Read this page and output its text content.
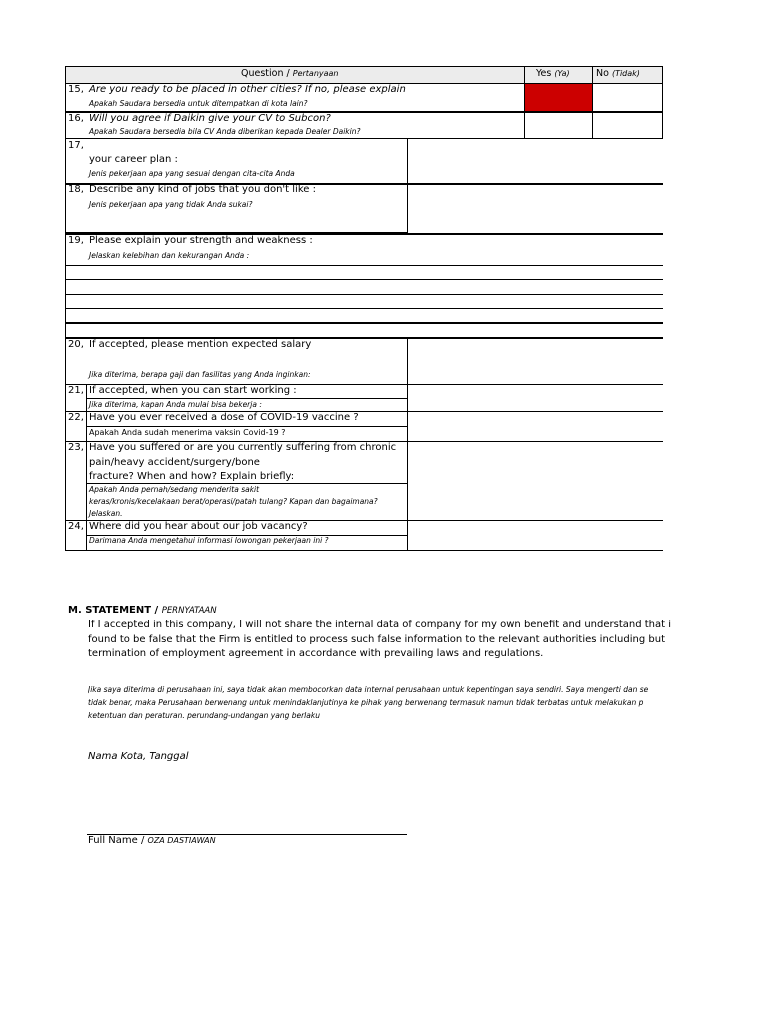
Question / Pertanyaan	Yes (Ya)	No (Tidak)
15, Are you ready to be placed in other cities? If no, please explain
Apakah Saudara bersedia untuk ditempatkan di kota lain?
16, Will you agree if Daikin give your CV to Subcon?
Apakah Saudara bersedia bila CV Anda diberikan kepada Dealer Daikin?
17,
your career plan :
Jenis pekerjaan apa yang sesuai dengan cita-cita Anda
18, Describe any kind of jobs that you don't like :
Jenis pekerjaan apa yang tidak Anda sukai?
19, Please explain your strength and weakness :
Jelaskan kelebihan dan kekurangan Anda :
20, If accepted, please mention expected salary
Jika diterima, berapa gaji dan fasilitas yang Anda inginkan:
21, If accepted, when you can start working :
Jika diterima, kapan Anda mulai bisa bekerja :
22, Have you ever received a dose of COVID-19 vaccine ?
Apakah Anda sudah menerima vaksin Covid-19 ?
23, Have you suffered or are you currently suffering from chronic
pain/heavy accident/surgery/bone
fracture? When and how? Explain briefly:
Apakah Anda pernah/sedang menderita sakit
keras/kronis/kecelakaan berat/operasi/patah tulang? Kapan dan bagaimana?
Jelaskan.
24, Where did you hear about our job vacancy?
Darimana Anda mengetahui informasi lowongan pekerjaan ini ?
M. STATEMENT / PERNYATAAN
If I accepted in this company, I will not share the internal data of company for my own benefit and understand that i
found to be false that the Firm is entitled to process such false information to the relevant authorities including but
termination of employment agreement in accordance with prevailing laws and regulations.
Jika saya diterima di perusahaan ini, saya tidak akan membocorkan data internal perusahaan untuk kepentingan saya sendiri. Saya mengerti dan se
tidak benar, maka Perusahaan berwenang untuk menindaklanjutinya ke pihak yang berwenang termasuk namun tidak terbatas untuk melakukan p
ketentuan dan peraturan. perundang-undangan yang berlaku
Nama Kota, Tanggal
Full Name / OZA DASTIAWAN
